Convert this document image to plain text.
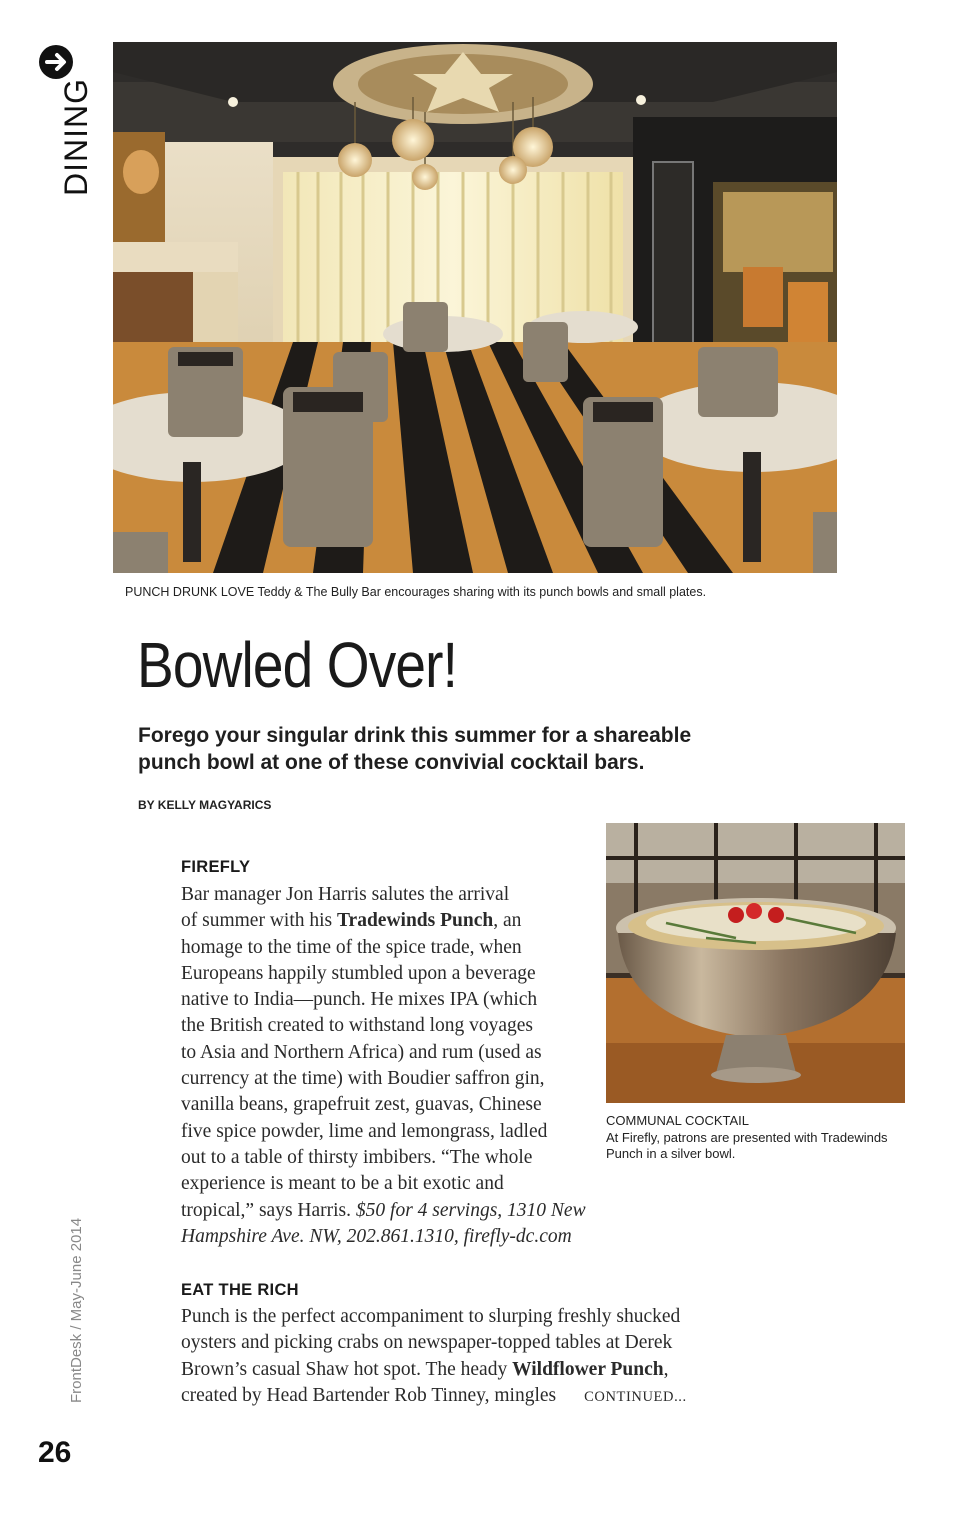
DINING
PUNCH DRUNK LOVE Teddy & The Bully Bar encourages sharing with its punch bowls and small plates.
Bowled Over!
Forego your singular drink this summer for a shareable punch bowl at one of these convivial cocktail bars.
BY KELLY MAGYARICS
COMMUNAL COCKTAIL
At Firefly, patrons are presented with Tradewinds Punch in a silver bowl.
FIREFLY
Bar manager Jon Harris salutes the arrival
of summer with his Tradewinds Punch, an
homage to the time of the spice trade, when
Europeans happily stumbled upon a beverage
native to India—punch. He mixes IPA (which
the British created to withstand long voyages
to Asia and Northern Africa) and rum (used as
currency at the time) with Boudier saffron gin,
vanilla beans, grapefruit zest, guavas, Chinese
five spice powder, lime and lemongrass, ladled
out to a table of thirsty imbibers. “The whole
experience is meant to be a bit exotic and
tropical,” says Harris. $50 for 4 servings, 1310 New
Hampshire Ave. NW, 202.861.1310, firefly-dc.com
EAT THE RICH
Punch is the perfect accompaniment to slurping freshly shucked
oysters and picking crabs on newspaper-topped tables at Derek
Brown’s casual Shaw hot spot. The heady Wildflower Punch,
created by Head Bartender Rob Tinney, mingles CONTINUED...
FrontDesk / May-June 2014
26
